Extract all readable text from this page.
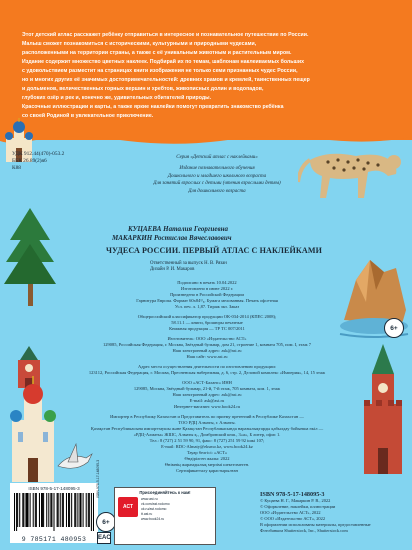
Этот детский атлас расскажет ребёнку отправиться в интересное и познавательное путешествие по России.

Малыш сможет познакомиться с историческими, культурными и природными чудесами,

расположенными на территории страны, а также с её уникальным животным и растительным миром.

Издание содержит множество цветных наклеек. Подбирай их по темам, шаблонам наклеиваемых больших

с удовольствием разместит на страницах книги изображения не только семи признанных чудес России,

но и многих других её значимых достопримечательностей: древних храмов и кремлей, таинственных пещер

и дольменов, величественных горных вершин и хребтов, живописных долин и водопадов,

глубоких озёр и рек и, конечно же, удивительных обитателей природы.

Красочные иллюстрации и карты, а также яркие наклейки помогут превратить знакомство ребёнка

со своей Родиной в увлекательное приключение.

6+
УДК 912.44(470)-053.2
ББК 26.89(2)я6
К88
Серия «Детский атлас с наклейками»
Издание познавательного обучения
Дошкольного и младшего школьного возраста
Для занятий взрослых с детьми (чтения взрослыми детям)
Для дошкольного возраста
КУЦАЕВА Наталия Георгиевна
МАКАРКИН Ростислав Вячеславович
ЧУДЕСА РОССИИ. ПЕРВЫЙ АТЛАС С НАКЛЕЙКАМИ
Ответственный за выпуск Н. В. Рязан
Дизайн Р. И. Макаров
Подписано в печать 10.04.2022
Изготовлено в июне 2022 г.
Произведено в Российской Федерации
Гарнитура Европа. Формат 60х84¹/₈. Бумага мелованная. Печать офсетная
Усл. печ. л. 1,87. Тираж экз. Заказ
Общероссийский классификатор продукции ОК-034-2014 (КПЕС 2008);
58.11.1 — книги, брошюры печатные
Книжная продукция — ТР ТС 007/2011
Изготовитель: ООО «Издательство АСТ»
129085, Российская Федерация, г. Москва, Звёздный бульвар, дом 21, строение 1, комната 705, пом. I, этаж 7
Наш электронный адрес: ask@ast.ru
Наш сайт: www.ast.ru
Адрес места осуществления деятельности по изготовлению продукции:
123112, Российская Федерация, г. Москва, Пресненская набережная, д. 6, стр. 2, Деловой комплекс «Империя», 14, 15 этаж
ООО «АСТ-Баланс» ИНН
129085, Москва, Звёздный бульвар, 21-й, 7-й этаж, 705 комната, ком. 1, этаж
Наш электронный адрес: ask@ast.ru
E-mail: ask@ast.ru
Интернет-магазин: www.book24.ru
Импортер в Республику Казахстан и Представитель по приему претензий в Республике Казахстан —
ТОО РДЦ Алматы, г. Алматы.
Қазақстан Республикасына импорттаушы және Қазақстан Республикасында наразылықтарды қабылдау бойынша өкіл —
«РДЦ-Алматы» ЖШС, Алматы қ., Домбровский көш., 3«а», Б литер, офис 1.
Тел.: 8 (727) 2 51 59 90, 91, факс: 8 (727) 251 59 92 ішкі 107;
E-mail: RDC-Almaty@eksmo.kz, www.book24.kz
Тауар белгісі: «АСТ»
Өндірілген жылы: 2022
Өнімнің жарамдылық мерзімі шектелмеген.
Сертификатталу қарастырылған
ISBN 978-5-17-148095-3
9 785171 480953
ISBN-978-5-17-148095-3
6+
EAC
Присоединяйтесь к нам!
АСТ
www.ast.ru
vk.com/ast.rodomo
ok.ru/ast.rodomo
tt.ast.ru
www.book24.ru
ISBN 978-5-17-148095-3
© Куцаева Н. Г., Макаркин Р. В., 2022
© Оформление, наклейки, иллюстрации
ООО «Издательство АСТ», 2022
© ООО «Издательство АСТ», 2022
В оформлении использованы материалы, предоставленные
Фотобанком Shutterstock, Inc., Shutterstock.com
